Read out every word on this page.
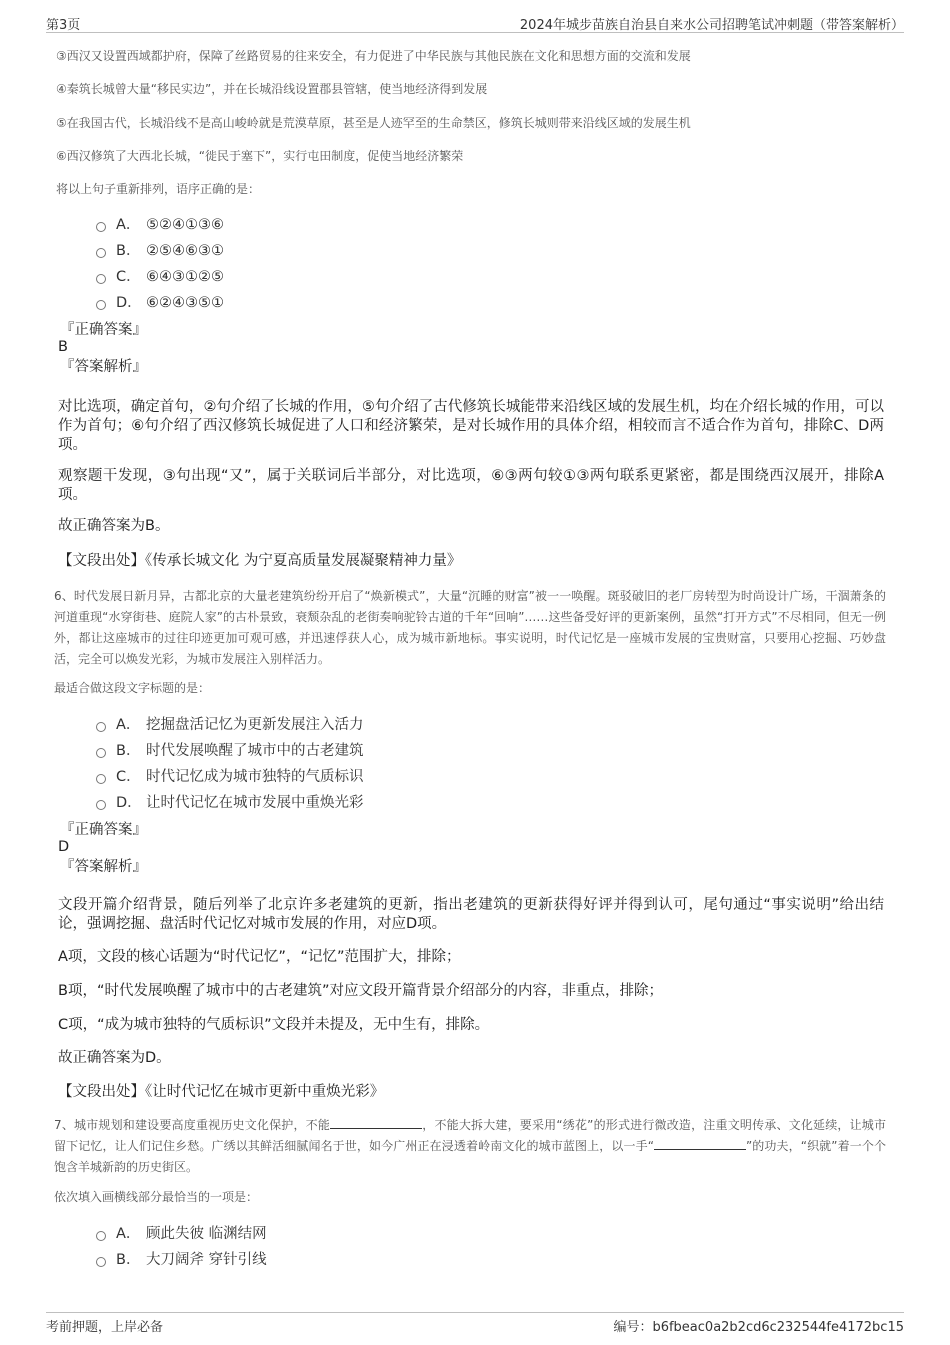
第3页	2024年城步苗族自治县自来水公司招聘笔试冲刺题（带答案解析）
③西汉又设置西域都护府，保障了丝路贸易的往来安全，有力促进了中华民族与其他民族在文化和思想方面的交流和发展
④秦筑长城曾大量“移民实边”，并在长城沿线设置郡县管辖，使当地经济得到发展
⑤在我国古代，长城沿线不是高山峻岭就是荒漠草原，甚至是人迹罕至的生命禁区，修筑长城则带来沿线区域的发展生机
⑥西汉修筑了大西北长城，“徙民于塞下”，实行屯田制度，促使当地经济繁荣
将以上句子重新排列，语序正确的是：
A． ⑤②④①③⑥
B． ②⑤④⑥③①
C． ⑥④③①②⑤
D． ⑥②④③⑤①
『正确答案』
B
『答案解析』
对比选项，确定首句，②句介绍了长城的作用，⑤句介绍了古代修筑长城能带来沿线区域的发展生机，均在介绍长城的作用，可以作为首句；⑥句介绍了西汉修筑长城促进了人口和经济繁荣，是对长城作用的具体介绍，相较而言不适合作为首句，排除C、D两项。
观察题干发现，③句出现“又”，属于关联词后半部分，对比选项，⑥③两句较①③两句联系更紧密，都是围绕西汉展开，排除A项。
故正确答案为B。
【文段出处】《传承长城文化 为宁夏高质量发展凝聚精神力量》
6、时代发展日新月异，古都北京的大量老建筑纷纷开启了“焕新模式”，大量“沉睡的财富”被一一唤醒。斑驳破旧的老厂房转型为时尚设计广场，干涸萧条的河道重现“水穿街巷、庭院人家”的古朴景致，衰颓杂乱的老街奏响驼铃古道的千年“回响”……这些备受好评的更新案例，虽然“打开方式”不尽相同，但无一例外，都让这座城市的过往印迹更加可观可感，并迅速俘获人心，成为城市新地标。事实说明，时代记忆是一座城市发展的宝贵财富，只要用心挖掘、巧妙盘活，完全可以焕发光彩，为城市发展注入别样活力。
最适合做这段文字标题的是：
A． 挖掘盘活记忆为更新发展注入活力
B． 时代发展唤醒了城市中的古老建筑
C． 时代记忆成为城市独特的气质标识
D． 让时代记忆在城市发展中重焕光彩
『正确答案』
D
『答案解析』
文段开篇介绍背景，随后列举了北京许多老建筑的更新，指出老建筑的更新获得好评并得到认可，尾句通过“事实说明”给出结论，强调挖掘、盘活时代记忆对城市发展的作用，对应D项。
A项，文段的核心话题为“时代记忆”，“记忆”范围扩大，排除；
B项，“时代发展唤醒了城市中的古老建筑”对应文段开篇背景介绍部分的内容，非重点，排除；
C项，“成为城市独特的气质标识”文段并未提及，无中生有，排除。
故正确答案为D。
【文段出处】《让时代记忆在城市更新中重焕光彩》
7、城市规划和建设要高度重视历史文化保护，不能	，不能大拆大建，要采用“绣花”的形式进行微改造，注重文明传承、文化延续，让城市留下记忆，让人们记住乡愁。广绣以其鲜活细腻闻名于世，如今广州正在浸透着岭南文化的城市蓝图上，以一手“	”的功夫，“织就”着一个个饱含羊城新韵的历史街区。
依次填入画横线部分最恰当的一项是：
A． 顾此失彼 临渊结网
B． 大刀阔斧 穿针引线
考前押题，上岸必备	编号：b6fbeac0a2b2cd6c232544fe4172bc15
